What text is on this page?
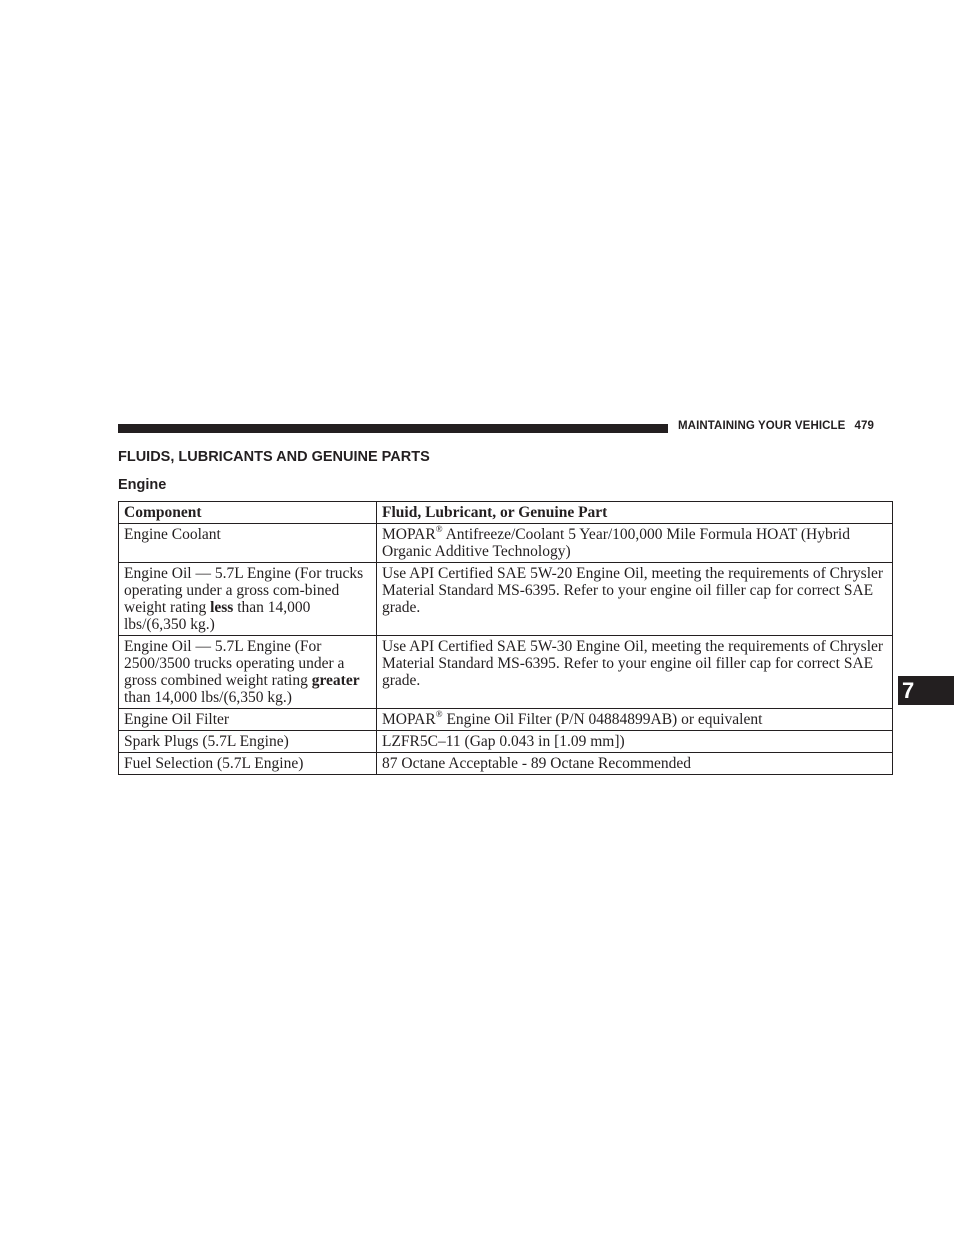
MAINTAINING YOUR VEHICLE 479
FLUIDS, LUBRICANTS AND GENUINE PARTS
Engine
Component	Fluid, Lubricant, or Genuine Part
Engine Coolant	MOPAR® Antifreeze/Coolant 5 Year/100,000 Mile Formula HOAT (Hybrid Organic Additive Technology)
Engine Oil — 5.7L Engine (For trucks operating under a gross com-bined weight rating less than 14,000 lbs/(6,350 kg.)	Use API Certified SAE 5W-20 Engine Oil, meeting the requirements of Chrysler Material Standard MS-6395. Refer to your engine oil filler cap for correct SAE grade.
Engine Oil — 5.7L Engine (For 2500/3500 trucks operating under a gross combined weight rating greater than 14,000 lbs/(6,350 kg.)	Use API Certified SAE 5W-30 Engine Oil, meeting the requirements of Chrysler Material Standard MS-6395. Refer to your engine oil filler cap for correct SAE grade.
Engine Oil Filter	MOPAR® Engine Oil Filter (P/N 04884899AB) or equivalent
Spark Plugs (5.7L Engine)	LZFR5C–11 (Gap 0.043 in [1.09 mm])
Fuel Selection (5.7L Engine)	87 Octane Acceptable - 89 Octane Recommended
7
